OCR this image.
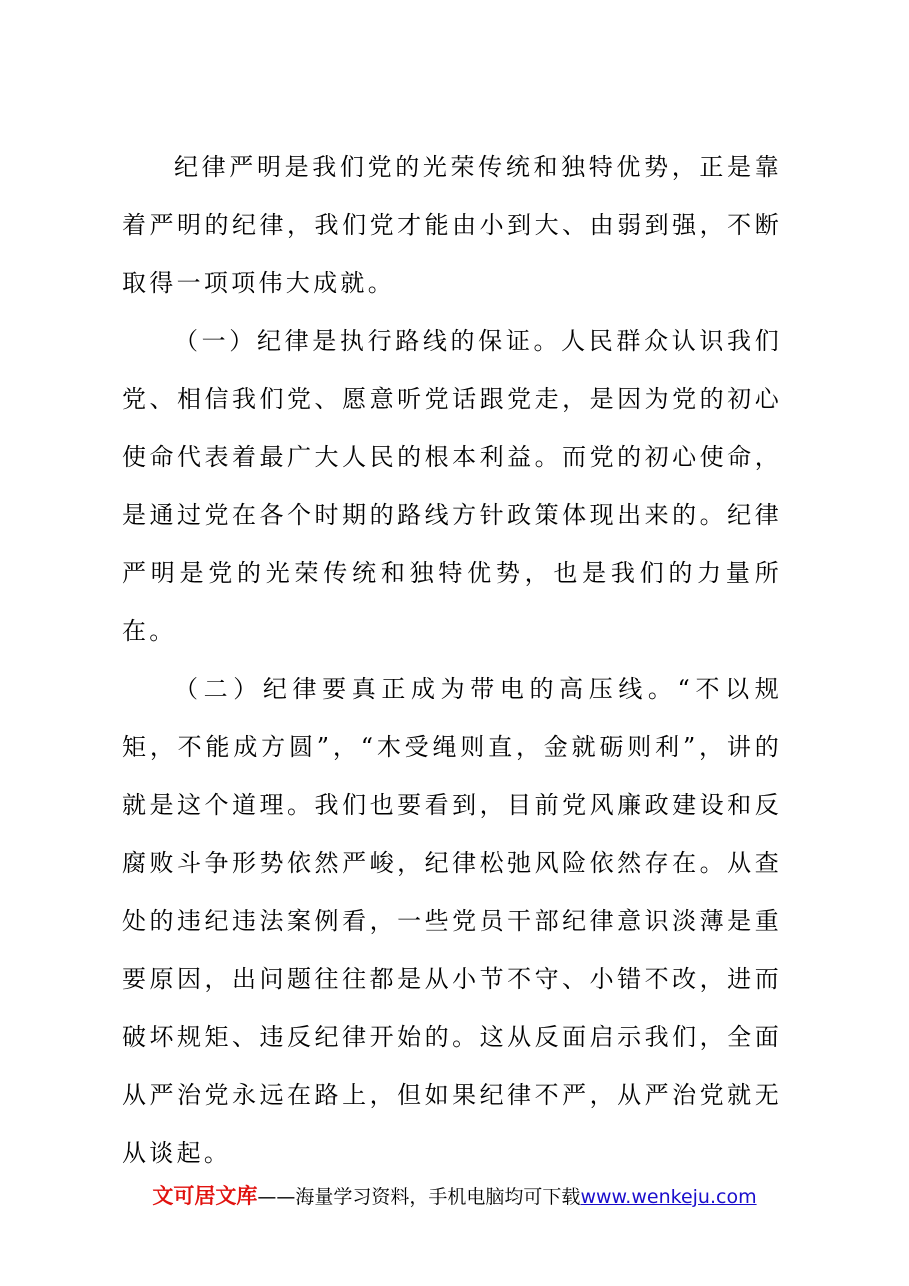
纪律严明是我们党的光荣传统和独特优势，正是靠着严明的纪律，我们党才能由小到大、由弱到强，不断取得一项项伟大成就。

（一）纪律是执行路线的保证。人民群众认识我们党、相信我们党、愿意听党话跟党走，是因为党的初心使命代表着最广大人民的根本利益。而党的初心使命，是通过党在各个时期的路线方针政策体现出来的。纪律严明是党的光荣传统和独特优势，也是我们的力量所在。

（二）纪律要真正成为带电的高压线。“不以规矩，不能成方圆”，“木受绳则直，金就砺则利”，讲的就是这个道理。我们也要看到，目前党风廉政建设和反腐败斗争形势依然严峻，纪律松弛风险依然存在。从查处的违纪违法案例看，一些党员干部纪律意识淡薄是重要原因，出问题往往都是从小节不守、小错不改，进而破坏规矩、违反纪律开始的。这从反面启示我们，全面从严治党永远在路上，但如果纪律不严，从严治党就无从谈起。

文可居文库——海量学习资料，手机电脑均可下载www.wenkeju.com
